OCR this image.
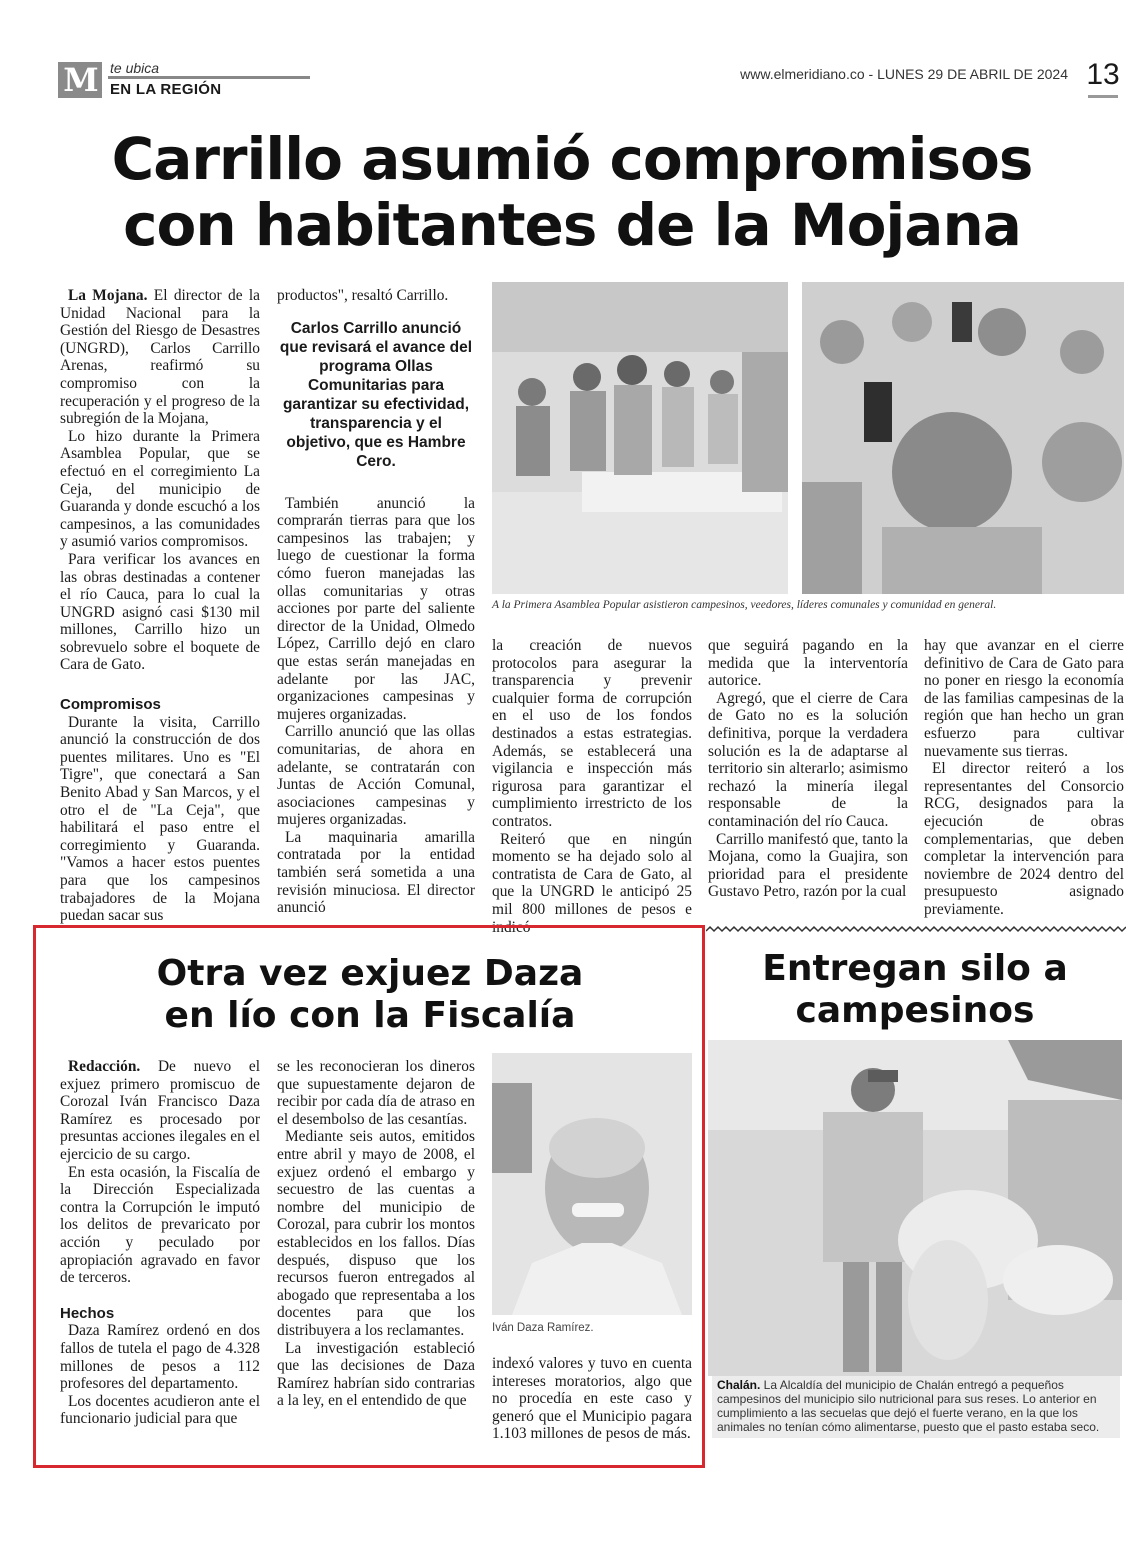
M te ubica
EN LA REGIÓN
www.elmeridiano.co - LUNES 29 DE ABRIL DE 2024 13
Carrillo asumió compromisos
con habitantes de la Mojana

La Mojana. El director de la Unidad Nacional para la Gestión del Riesgo de Desastres (UNGRD), Carlos Carrillo Arenas, reafirmó su compromiso con la recuperación y el progreso de la subregión de la Mojana,

Lo hizo durante la Primera Asamblea Popular, que se efectuó en el corregimiento La Ceja, del municipio de Guaranda y donde escuchó a los campesinos, a las comunidades y asumió varios compromisos.

Para verificar los avances en las obras destinadas a contener el río Cauca, para lo cual la UNGRD asignó casi $130 mil millones, Carrillo hizo un sobrevuelo sobre el boquete de Cara de Gato.

Compromisos

Durante la visita, Carrillo anunció la construcción de dos puentes militares. Uno es "El Tigre", que conectará a San Benito Abad y San Marcos, y el otro el de "La Ceja", que habilitará el paso entre el corregimiento y Guaranda. "Vamos a hacer estos puentes para que los campesinos trabajadores de la Mojana puedan sacar sus

productos", resaltó Carrillo.

Carlos Carrillo anunció que revisará el avance del programa Ollas Comunitarias para garantizar su efectividad, transparencia y el objetivo, que es Hambre Cero.

También anunció la comprarán tierras para que los campesinos las trabajen; y luego de cuestionar la forma cómo fueron manejadas las ollas comunitarias y otras acciones por parte del saliente director de la Unidad, Olmedo López, Carrillo dejó en claro que estas serán manejadas en adelante por las JAC, organizaciones campesinas y mujeres organizadas.

Carrillo anunció que las ollas comunitarias, de ahora en adelante, se contratarán con Juntas de Acción Comunal, asociaciones campesinas y mujeres organizadas.

La maquinaria amarilla contratada por la entidad también será sometida a una revisión minuciosa. El director anunció

A la Primera Asamblea Popular asistieron campesinos, veedores, líderes comunales y comunidad en general.

la creación de nuevos protocolos para asegurar la transparencia y prevenir cualquier forma de corrupción en el uso de los fondos destinados a estas estrategias. Además, se establecerá una vigilancia e inspección más rigurosa para garantizar el cumplimiento irrestricto de los contratos.

Reiteró que en ningún momento se ha dejado solo al contratista de Cara de Gato, al que la UNGRD le anticipó 25 mil 800 millones de pesos e indicó

que seguirá pagando en la medida que la interventoría autorice.

Agregó, que el cierre de Cara de Gato no es la solución definitiva, porque la verdadera solución es la de adaptarse al territorio sin alterarlo; asimismo rechazó la minería ilegal responsable de la contaminación del río Cauca.

Carrillo manifestó que, tanto la Mojana, como la Guajira, son prioridad para el presidente Gustavo Petro, razón por la cual

hay que avanzar en el cierre definitivo de Cara de Gato para no poner en riesgo la economía de las familias campesinas de la región que han hecho un gran esfuerzo para cultivar nuevamente sus tierras.

El director reiteró a los representantes del Consorcio RCG, designados para la ejecución de obras complementarias, que deben completar la intervención para noviembre de 2024 dentro del presupuesto asignado previamente.

Otra vez exjuez Daza
en lío con la Fiscalía

Redacción. De nuevo el exjuez primero promiscuo de Corozal Iván Francisco Daza Ramírez es procesado por presuntas acciones ilegales en el ejercicio de su cargo.

En esta ocasión, la Fiscalía de la Dirección Especializada contra la Corrupción le imputó los delitos de prevaricato por acción y peculado por apropiación agravado en favor de terceros.

Hechos

Daza Ramírez ordenó en dos fallos de tutela el pago de 4.328 millones de pesos a 112 profesores del departamento.

Los docentes acudieron ante el funcionario judicial para que

se les reconocieran los dineros que supuestamente dejaron de recibir por cada día de atraso en el desembolso de las cesantías.

Mediante seis autos, emitidos entre abril y mayo de 2008, el exjuez ordenó el embargo y secuestro de las cuentas a nombre del municipio de Corozal, para cubrir los montos establecidos en los fallos. Días después, dispuso que los recursos fueron entregados al abogado que representaba a los docentes para que los distribuyera a los reclamantes.

La investigación estableció que las decisiones de Daza Ramírez habrían sido contrarias a la ley, en el entendido de que

Iván Daza Ramírez.

indexó valores y tuvo en cuenta intereses moratorios, algo que no procedía en este caso y generó que el Municipio pagara 1.103 millones de pesos de más.

Entregan silo a
campesinos
Chalán. La Alcaldía del municipio de Chalán entregó a pequeños campesinos del municipio silo nutricional para sus reses. Lo anterior en cumplimiento a las secuelas que dejó el fuerte verano, en la que los animales no tenían cómo alimentarse, puesto que el pasto estaba seco.
